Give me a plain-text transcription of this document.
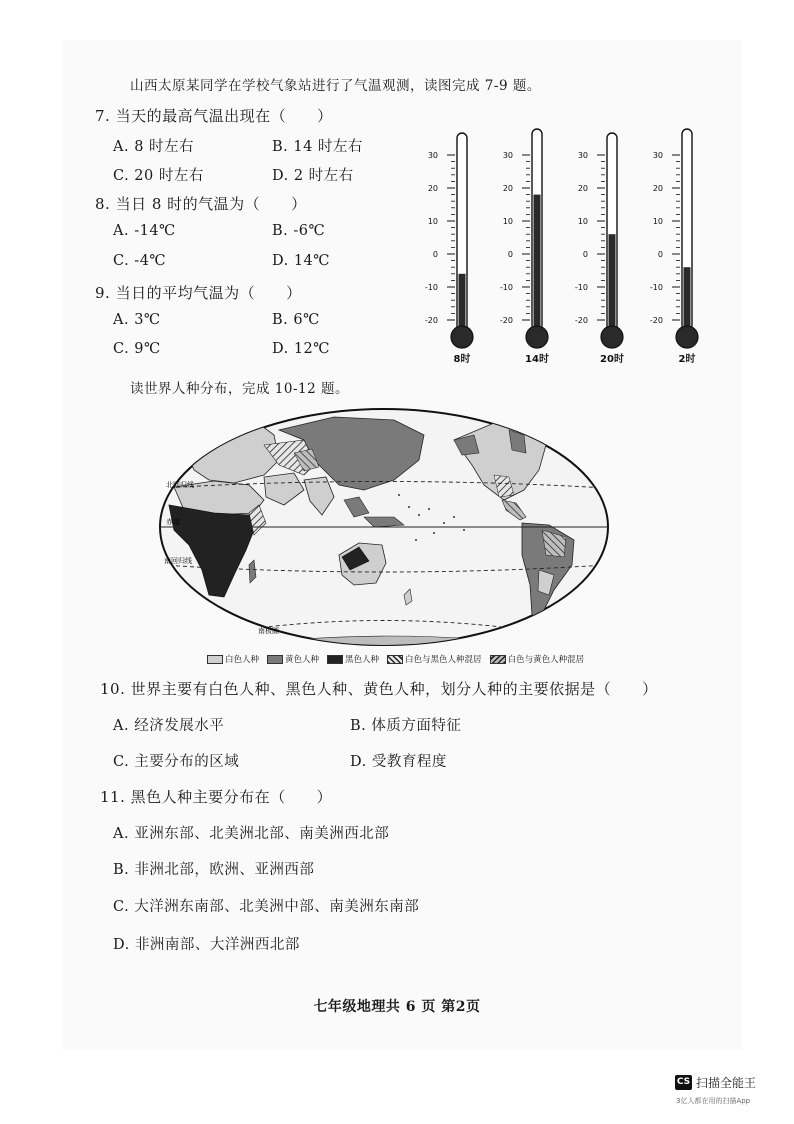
山西太原某同学在学校气象站进行了气温观测，读图完成 7-9 题。
7. 当天的最高气温出现在（　　）
A. 8 时左右	B. 14 时左右
C. 20 时左右	D. 2 时左右
8. 当日 8 时的气温为（　　）
A. -14℃	B. -6℃
C. -4℃	D. 14℃
9. 当日的平均气温为（　　）
A. 3℃	B. 6℃
C. 9℃	D. 12℃
30
20
10
0
-10
-20
8时
30
20
10
0
-10
-20
14时
30
20
10
0
-10
-20
20时
30
20
10
0
-10
-20
2时
读世界人种分布，完成 10-12 题。
北回归线
赤道
南回归线
南极圈
白色人种	黄色人种	黑色人种	白色与黑色人种混居	白色与黄色人种混居
10. 世界主要有白色人种、黑色人种、黄色人种，划分人种的主要依据是（　　）
A. 经济发展水平	B. 体质方面特征
C. 主要分布的区域	D. 受教育程度
11. 黑色人种主要分布在（　　）
A. 亚洲东部、北美洲北部、南美洲西北部
B. 非洲北部，欧洲、亚洲西部
C. 大洋洲东南部、北美洲中部、南美洲东南部
D. 非洲南部、大洋洲西北部
七年级地理共 6 页 第2页
CS 扫描全能王
3亿人都在用的扫描App
